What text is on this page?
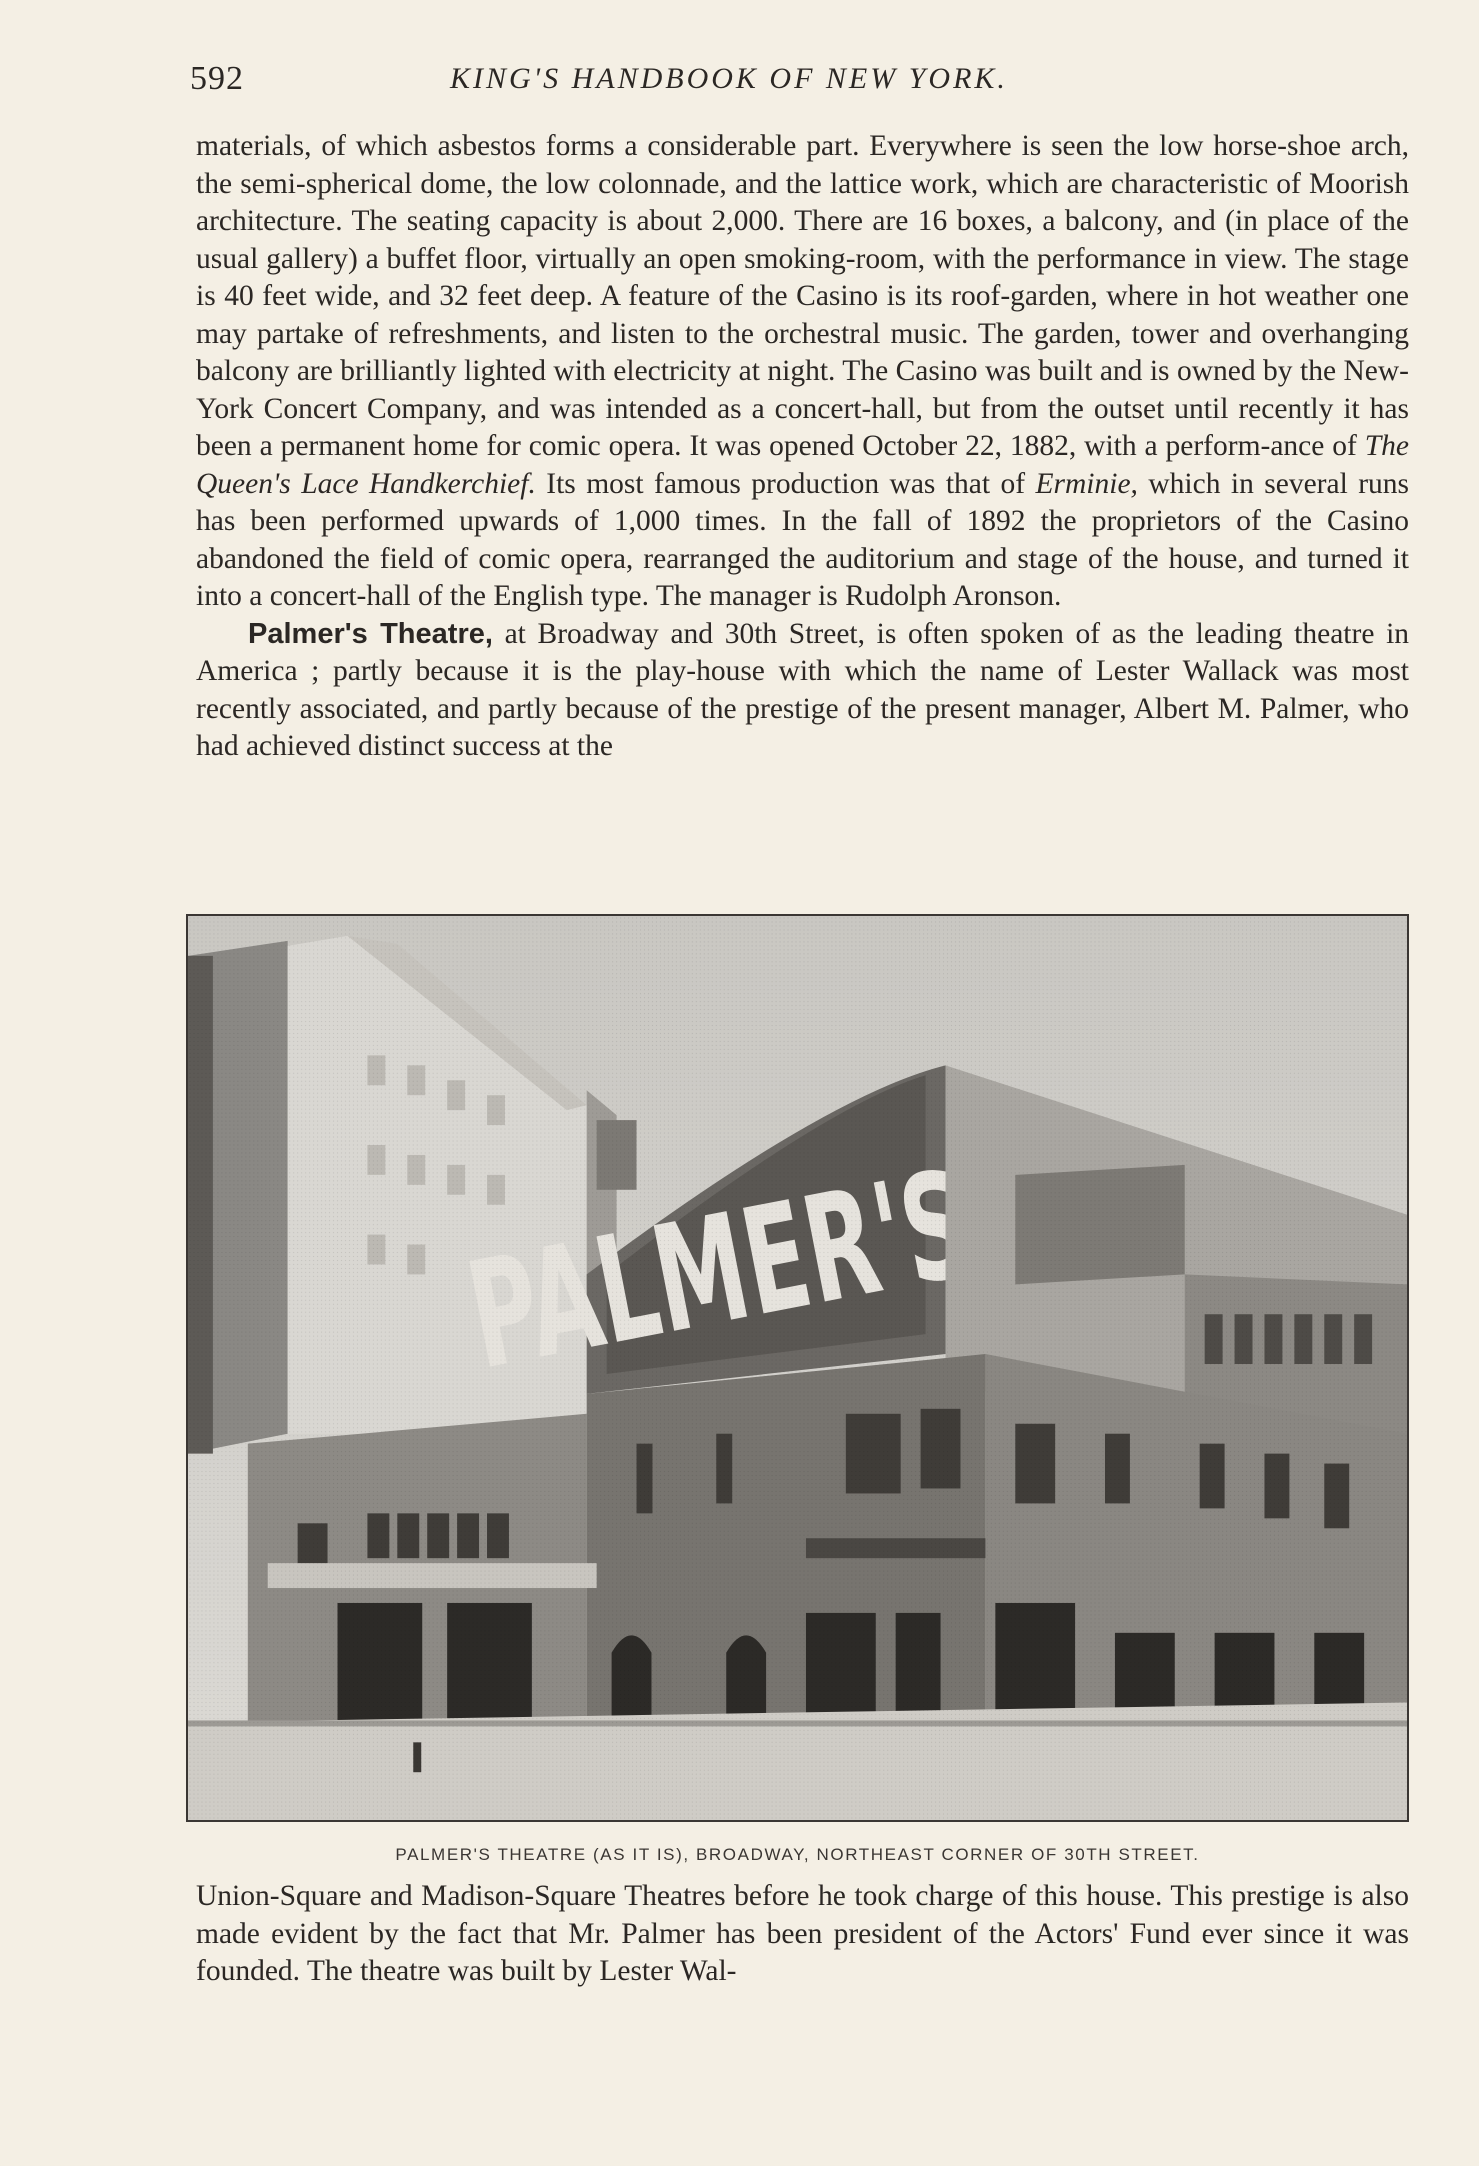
592	KING'S HANDBOOK OF NEW YORK.

materials, of which asbestos forms a considerable part. Everywhere is seen the low horse-shoe arch, the semi-spherical dome, the low colonnade, and the lattice work, which are characteristic of Moorish architecture. The seating capacity is about 2,000. There are 16 boxes, a balcony, and (in place of the usual gallery) a buffet floor, virtually an open smoking-room, with the performance in view. The stage is 40 feet wide, and 32 feet deep. A feature of the Casino is its roof-garden, where in hot weather one may partake of refreshments, and listen to the orchestral music. The garden, tower and overhanging balcony are brilliantly lighted with electricity at night. The Casino was built and is owned by the New-York Concert Company, and was intended as a concert-hall, but from the outset until recently it has been a permanent home for comic opera. It was opened October 22, 1882, with a perform-ance of The Queen's Lace Handkerchief. Its most famous production was that of Erminie, which in several runs has been performed upwards of 1,000 times. In the fall of 1892 the proprietors of the Casino abandoned the field of comic opera, rearranged the auditorium and stage of the house, and turned it into a concert-hall of the English type. The manager is Rudolph Aronson.

Palmer's Theatre, at Broadway and 30th Street, is often spoken of as the leading theatre in America ; partly because it is the play-house with which the name of Lester Wallack was most recently associated, and partly because of the prestige of the present manager, Albert M. Palmer, who had achieved distinct success at the

PALMER'S THEATRE (AS IT IS), BROADWAY, NORTHEAST CORNER OF 30TH STREET.

Union-Square and Madison-Square Theatres before he took charge of this house. This prestige is also made evident by the fact that Mr. Palmer has been president of the Actors' Fund ever since it was founded. The theatre was built by Lester Wal-
